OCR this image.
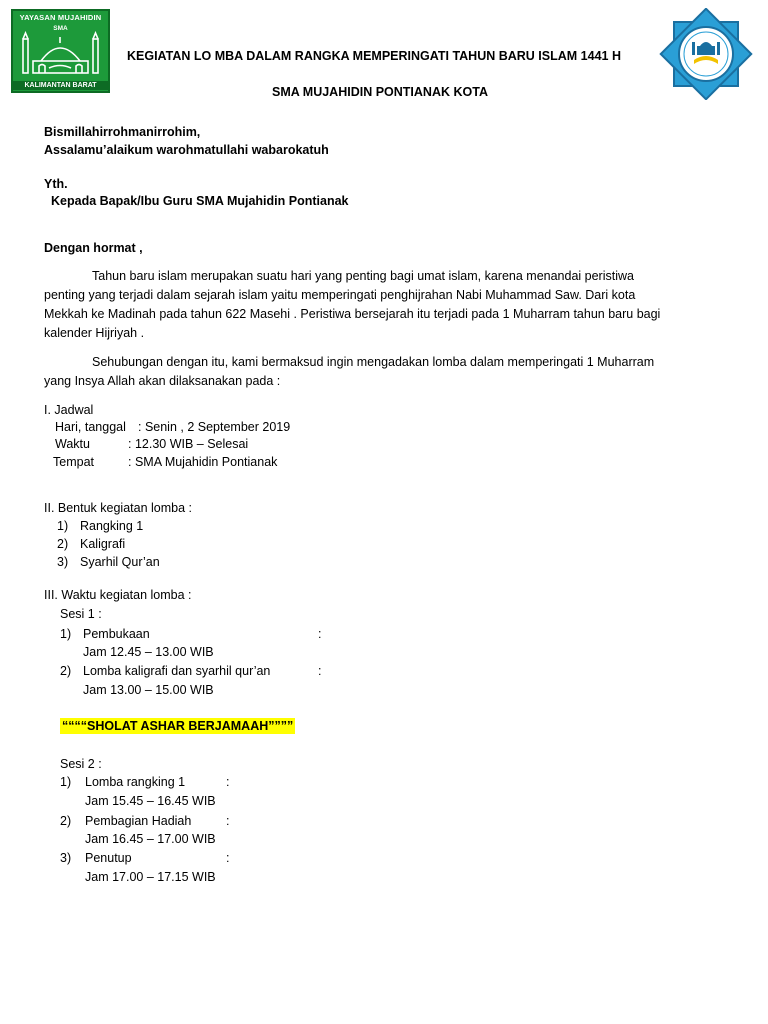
YAYASAN MUJAHIDIN
SMA
KALIMANTAN BARAT
KEGIATAN LO MBA DALAM RANGKA MEMPERINGATI TAHUN BARU ISLAM 1441 H
SMA MUJAHIDIN PONTIANAK KOTA
Bismillahirrohmanirrohim,
Assalamu’alaikum warohmatullahi wabarokatuh
Yth.
Kepada Bapak/Ibu Guru SMA Mujahidin Pontianak
Dengan hormat ,
Tahun baru islam merupakan suatu hari yang penting bagi umat islam, karena menandai peristiwa
penting yang terjadi dalam sejarah islam yaitu memperingati penghijrahan Nabi Muhammad Saw. Dari kota
Mekkah ke Madinah pada tahun 622 Masehi . Peristiwa bersejarah itu terjadi pada 1 Muharram tahun baru bagi
kalender Hijriyah .
Sehubungan dengan itu, kami bermaksud ingin mengadakan lomba dalam memperingati 1 Muharram
yang Insya Allah akan dilaksanakan pada :
I. Jadwal
Hari, tanggal : Senin , 2 September 2019
Waktu	: 12.30 WIB – Selesai
Tempat	: SMA Mujahidin Pontianak
II. Bentuk kegiatan lomba :
1) Rangking 1
2) Kaligrafi
3) Syarhil Qur’an
III. Waktu kegiatan lomba :
Sesi 1 :
1) Pembukaan	:
Jam 12.45 – 13.00 WIB
2) Lomba kaligrafi dan syarhil qur’an	:
Jam 13.00 – 15.00 WIB
““““SHOLAT ASHAR BERJAMAAH””””
Sesi 2 :
1) Lomba rangking 1	:
Jam 15.45 – 16.45 WIB
2) Pembagian Hadiah	:
Jam 16.45 – 17.00 WIB
3) Penutup	:
Jam 17.00 – 17.15 WIB
